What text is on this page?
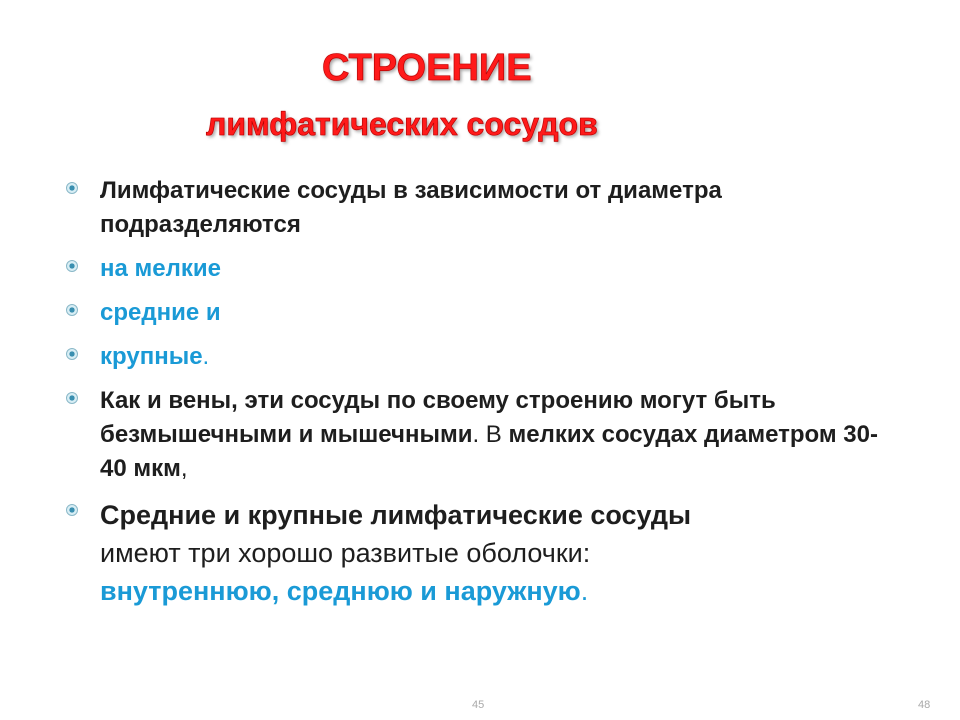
СТРОЕНИЕ
лимфатических сосудов
Лимфатические сосуды в зависимости от диаметра подразделяются
на мелкие
средние и
крупные.
Как и вены, эти сосуды по своему строению могут быть безмышечными и мышечными. В мелких сосудах диаметром 30-40 мкм,
Средние и крупные лимфатические сосуды
имеют три хорошо развитые оболочки:
внутреннюю, среднюю и наружную.
45	48
